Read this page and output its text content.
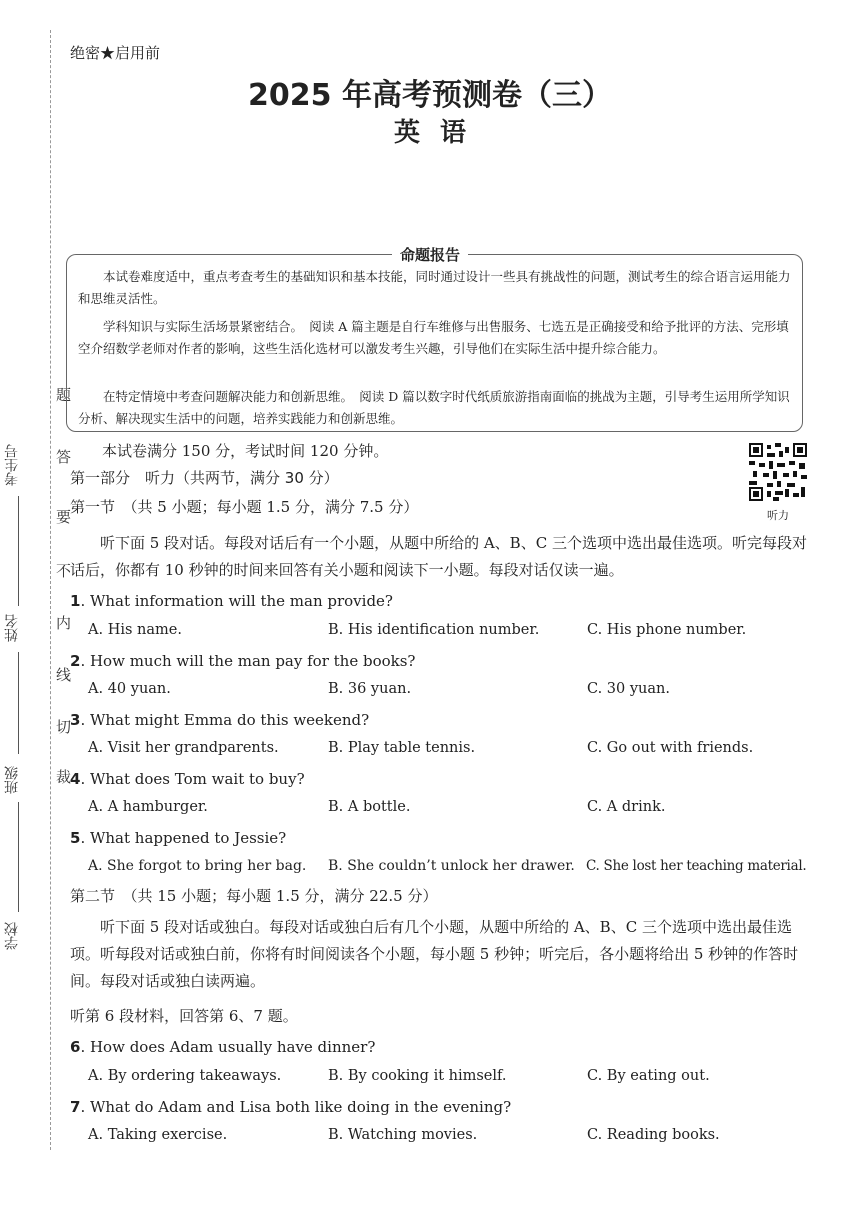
题
答
要
不
内
线
切
裁
考生号
姓名
班级
学校
绝密★启用前
2025 年高考预测卷（三）
英语
命题报告
本试卷难度适中，重点考查考生的基础知识和基本技能，同时通过设计一些具有挑战性的问题，测试考生的综合语言运用能力和思维灵活性。
学科知识与实际生活场景紧密结合。　 阅读 A 篇主题是自行车维修与出售服务、七选五是正确接受和给予批评的方法、完形填空介绍数学老师对作者的影响，这些生活化选材可以激发考生兴趣，引导他们在实际生活中提升综合能力。
在特定情境中考查问题解决能力和创新思维。　 阅读 D 篇以数字时代纸质旅游指南面临的挑战为主题，引导考生运用所学知识分析、解决现实生活中的问题，培养实践能力和创新思维。
本试卷满分 150 分，考试时间 120 分钟。
听力
第一部分　听力（共两节，满分 30 分）
第一节　（共 5 小题；每小题 1.5 分，满分 7.5 分）
听下面 5 段对话。每段对话后有一个小题，从题中所给的 A、B、C 三个选项中选出最佳选项。听完每段对话后，你都有 10 秒钟的时间来回答有关小题和阅读下一小题。每段对话仅读一遍。
1. What information will the man provide?
A. His name.	B. His identification number.	C. His phone number.
2. How much will the man pay for the books?
A. 40 yuan.	B. 36 yuan.	C. 30 yuan.
3. What might Emma do this weekend?
A. Visit her grandparents.	B. Play table tennis.	C. Go out with friends.
4. What does Tom wait to buy?
A. A hamburger.	B. A bottle.	C. A drink.
5. What happened to Jessie?
A. She forgot to bring her bag. B. She couldn’t unlock her drawer. C. She lost her teaching material.
第二节　（共 15 小题；每小题 1.5 分，满分 22.5 分）
听下面 5 段对话或独白。每段对话或独白后有几个小题，从题中所给的 A、B、C 三个选项中选出最佳选项。听每段对话或独白前，你将有时间阅读各个小题，每小题 5 秒钟；听完后，各小题将给出 5 秒钟的作答时间。每段对话或独白读两遍。
听第 6 段材料，回答第 6、7 题。
6. How does Adam usually have dinner?
A. By ordering takeaways.	B. By cooking it himself.	C. By eating out.
7. What do Adam and Lisa both like doing in the evening?
A. Taking exercise.	B. Watching movies.	C. Reading books.
